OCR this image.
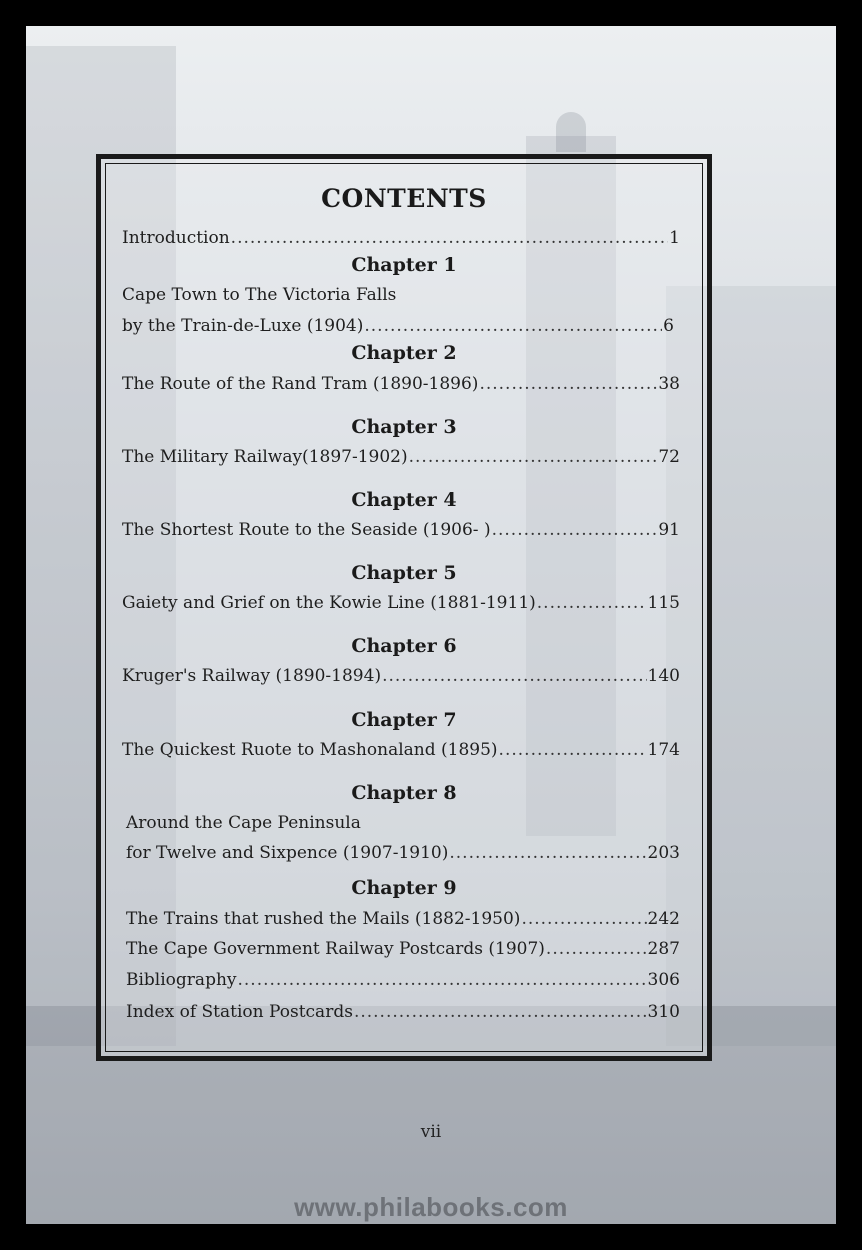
CONTENTS
Introduction .....	1
Chapter 1
Cape Town to The Victoria Falls
by the Train-de-Luxe (1904) .....	6
Chapter 2
The Route of the Rand Tram (1890-1896) .....	38
Chapter 3
The Military Railway(1897-1902) .....	72
Chapter 4
The Shortest Route to the Seaside (1906- ) .....	91
Chapter 5
Gaiety and Grief on the Kowie Line (1881-1911) .....	115
Chapter 6
Kruger's Railway (1890-1894) .....	140
Chapter 7
The Quickest Ruote to Mashonaland (1895) .....	174
Chapter 8
Around the Cape Peninsula
for Twelve and Sixpence (1907-1910) .....	203
Chapter 9
The Trains that rushed the Mails (1882-1950) .....	242
The Cape Government Railway Postcards (1907) .....	287
Bibliography .....	306
Index of Station Postcards .....	310
vii
www.philabooks.com
